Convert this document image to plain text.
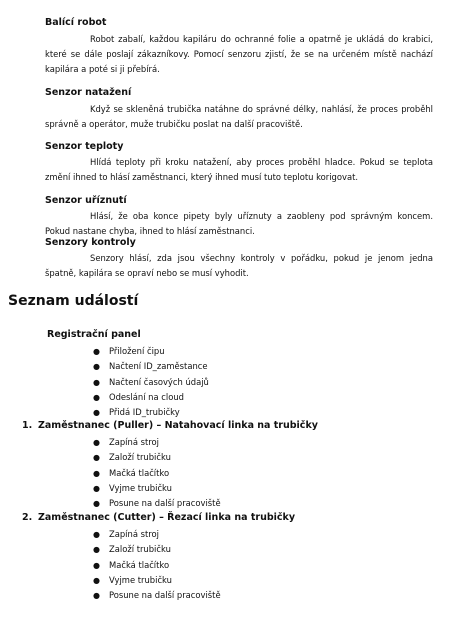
Balící robot

Robot zabalí, každou kapiláru do ochranné folie a opatrně je ukládá do krabici, které se dále poslají zákazníkovy. Pomocí senzoru zjistí, že se na určeném místě nachází kapilára a poté si ji přebírá.

Senzor natažení

Když se skleněná trubička natáhne do správné délky, nahlásí, že proces proběhl správně a operátor, muže trubičku poslat na další pracoviště.

Senzor teploty

Hlídá teploty při kroku natažení, aby proces proběhl hladce. Pokud se teplota změní ihned to hlásí zaměstnanci, který ihned musí tuto teplotu korigovat.

Senzor uříznutí

Hlásí, že oba konce pipety byly uříznuty a zaobleny pod správným koncem. Pokud nastane chyba, ihned to hlásí zaměstnanci.

Senzory kontroly

Senzory hlásí, zda jsou všechny kontroly v pořádku, pokud je jenom jedna špatně, kapilára se opraví nebo se musí vyhodit.

Seznam událostí
Registrační panel
● Přiložení čipu
● Načtení ID_zaměstance
● Načtení časových údajů
● Odeslání na cloud
● Přidá ID_trubičky
1. Zaměstnanec (Puller) – Natahovací linka na trubičky
● Zapíná stroj
● Založí trubičku
● Mačká tlačítko
● Vyjme trubičku
● Posune na další pracoviště
2. Zaměstnanec (Cutter) – Řezací linka na trubičky
● Zapíná stroj
● Založí trubičku
● Mačká tlačítko
● Vyjme trubičku
● Posune na další pracoviště
